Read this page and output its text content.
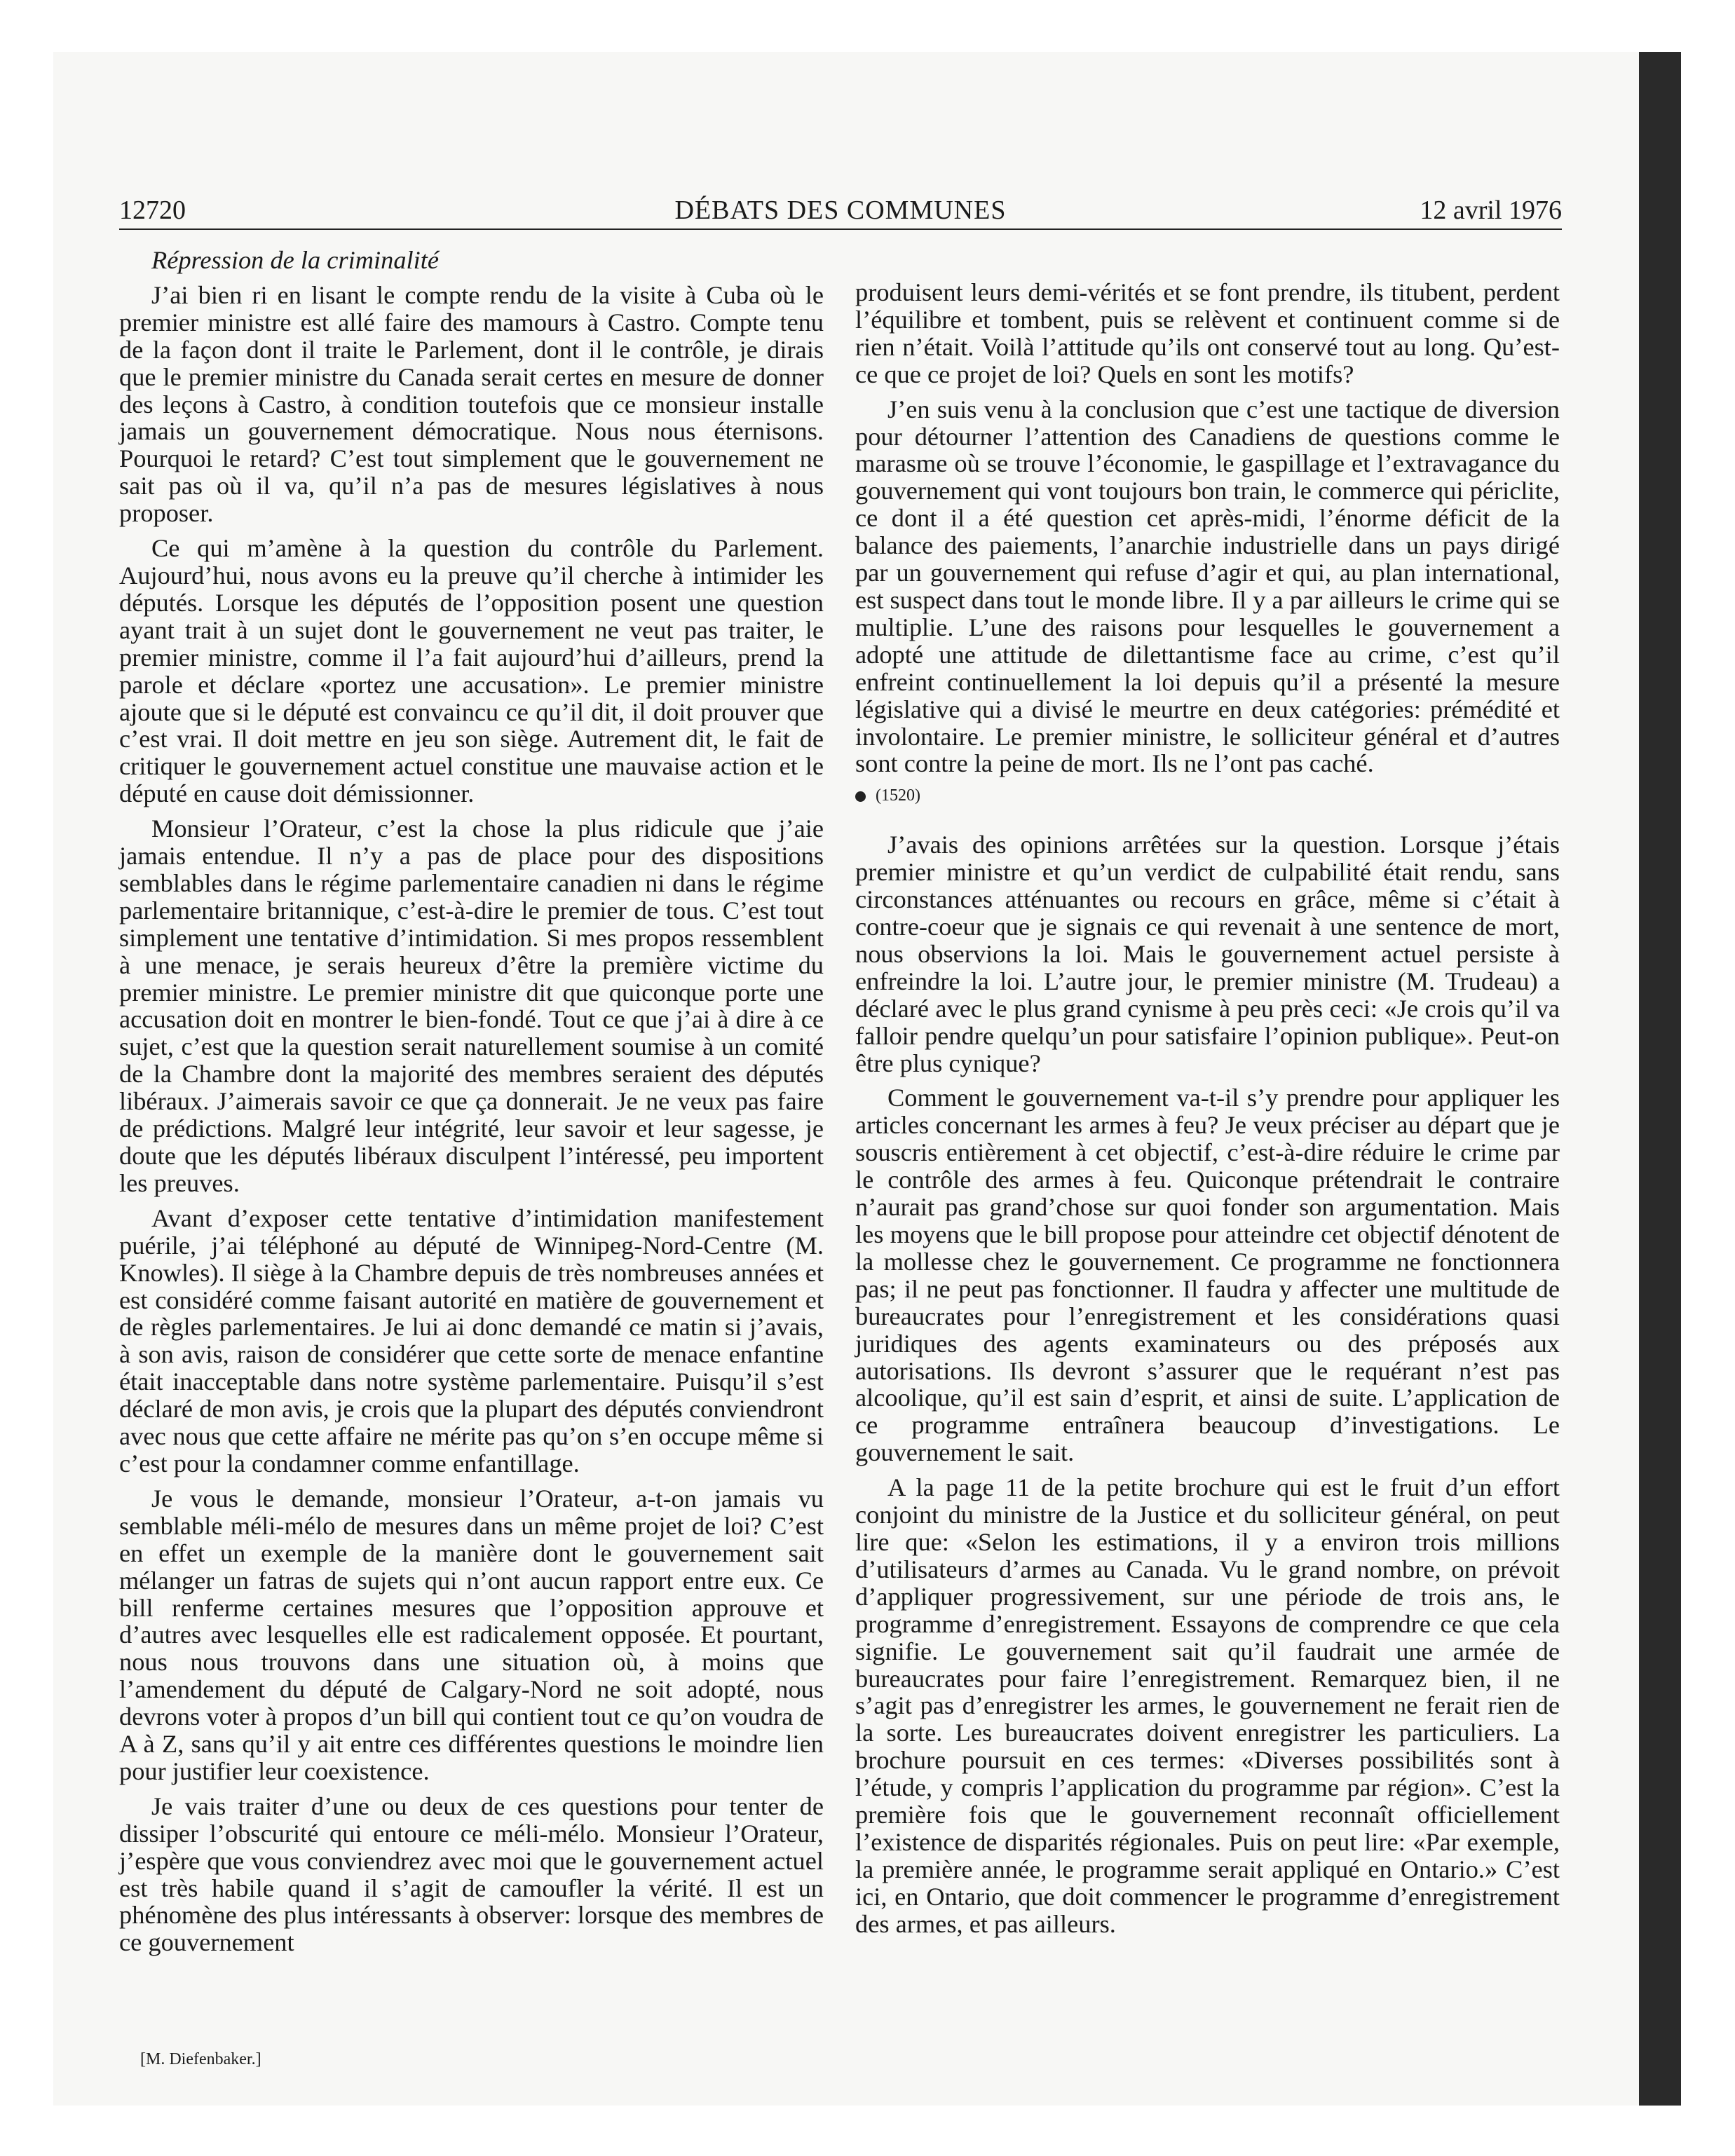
12720	DÉBATS DES COMMUNES	12 avril 1976

Répression de la criminalité

J’ai bien ri en lisant le compte rendu de la visite à Cuba où le premier ministre est allé faire des mamours à Castro. Compte tenu de la façon dont il traite le Parlement, dont il le contrôle, je dirais que le premier ministre du Canada serait certes en mesure de donner des leçons à Castro, à condition toutefois que ce monsieur installe jamais un gouvernement démocratique. Nous nous éternisons. Pourquoi le retard? C’est tout simplement que le gouvernement ne sait pas où il va, qu’il n’a pas de mesures législatives à nous proposer.

Ce qui m’amène à la question du contrôle du Parlement. Aujourd’hui, nous avons eu la preuve qu’il cherche à intimider les députés. Lorsque les députés de l’opposition posent une question ayant trait à un sujet dont le gouvernement ne veut pas traiter, le premier ministre, comme il l’a fait aujourd’hui d’ailleurs, prend la parole et déclare «portez une accusation». Le premier ministre ajoute que si le député est convaincu ce qu’il dit, il doit prouver que c’est vrai. Il doit mettre en jeu son siège. Autrement dit, le fait de critiquer le gouvernement actuel constitue une mauvaise action et le député en cause doit démissionner.

Monsieur l’Orateur, c’est la chose la plus ridicule que j’aie jamais entendue. Il n’y a pas de place pour des dispositions semblables dans le régime parlementaire canadien ni dans le régime parlementaire britannique, c’est-à-dire le premier de tous. C’est tout simplement une tentative d’intimidation. Si mes propos ressemblent à une menace, je serais heureux d’être la première victime du premier ministre. Le premier ministre dit que quiconque porte une accusation doit en montrer le bien-fondé. Tout ce que j’ai à dire à ce sujet, c’est que la question serait naturellement soumise à un comité de la Chambre dont la majorité des membres seraient des députés libéraux. J’aimerais savoir ce que ça donnerait. Je ne veux pas faire de prédictions. Malgré leur intégrité, leur savoir et leur sagesse, je doute que les députés libéraux disculpent l’intéressé, peu importent les preuves.

Avant d’exposer cette tentative d’intimidation manifestement puérile, j’ai téléphoné au député de Winnipeg-Nord-Centre (M. Knowles). Il siège à la Chambre depuis de très nombreuses années et est considéré comme faisant autorité en matière de gouvernement et de règles parlementaires. Je lui ai donc demandé ce matin si j’avais, à son avis, raison de considérer que cette sorte de menace enfantine était inacceptable dans notre système parlementaire. Puisqu’il s’est déclaré de mon avis, je crois que la plupart des députés conviendront avec nous que cette affaire ne mérite pas qu’on s’en occupe même si c’est pour la condamner comme enfantillage.

Je vous le demande, monsieur l’Orateur, a-t-on jamais vu semblable méli-mélo de mesures dans un même projet de loi? C’est en effet un exemple de la manière dont le gouvernement sait mélanger un fatras de sujets qui n’ont aucun rapport entre eux. Ce bill renferme certaines mesures que l’opposition approuve et d’autres avec lesquelles elle est radicalement opposée. Et pourtant, nous nous trouvons dans une situation où, à moins que l’amendement du député de Calgary-Nord ne soit adopté, nous devrons voter à propos d’un bill qui contient tout ce qu’on voudra de A à Z, sans qu’il y ait entre ces différentes questions le moindre lien pour justifier leur coexistence.

Je vais traiter d’une ou deux de ces questions pour tenter de dissiper l’obscurité qui entoure ce méli-mélo. Monsieur l’Orateur, j’espère que vous conviendrez avec moi que le gouvernement actuel est très habile quand il s’agit de camoufler la vérité. Il est un phénomène des plus intéressants à observer: lorsque des membres de ce gouvernement

produisent leurs demi-vérités et se font prendre, ils titubent, perdent l’équilibre et tombent, puis se relèvent et continuent comme si de rien n’était. Voilà l’attitude qu’ils ont conservé tout au long. Qu’est-ce que ce projet de loi? Quels en sont les motifs?

J’en suis venu à la conclusion que c’est une tactique de diversion pour détourner l’attention des Canadiens de questions comme le marasme où se trouve l’économie, le gaspillage et l’extravagance du gouvernement qui vont toujours bon train, le commerce qui périclite, ce dont il a été question cet après-midi, l’énorme déficit de la balance des paiements, l’anarchie industrielle dans un pays dirigé par un gouvernement qui refuse d’agir et qui, au plan international, est suspect dans tout le monde libre. Il y a par ailleurs le crime qui se multiplie. L’une des raisons pour lesquelles le gouvernement a adopté une attitude de dilettantisme face au crime, c’est qu’il enfreint continuellement la loi depuis qu’il a présenté la mesure législative qui a divisé le meurtre en deux catégories: prémédité et involontaire. Le premier ministre, le solliciteur général et d’autres sont contre la peine de mort. Ils ne l’ont pas caché.

(1520)

J’avais des opinions arrêtées sur la question. Lorsque j’étais premier ministre et qu’un verdict de culpabilité était rendu, sans circonstances atténuantes ou recours en grâce, même si c’était à contre-coeur que je signais ce qui revenait à une sentence de mort, nous observions la loi. Mais le gouvernement actuel persiste à enfreindre la loi. L’autre jour, le premier ministre (M. Trudeau) a déclaré avec le plus grand cynisme à peu près ceci: «Je crois qu’il va falloir pendre quelqu’un pour satisfaire l’opinion publique». Peut-on être plus cynique?

Comment le gouvernement va-t-il s’y prendre pour appliquer les articles concernant les armes à feu? Je veux préciser au départ que je souscris entièrement à cet objectif, c’est-à-dire réduire le crime par le contrôle des armes à feu. Quiconque prétendrait le contraire n’aurait pas grand’chose sur quoi fonder son argumentation. Mais les moyens que le bill propose pour atteindre cet objectif dénotent de la mollesse chez le gouvernement. Ce programme ne fonctionnera pas; il ne peut pas fonctionner. Il faudra y affecter une multitude de bureaucrates pour l’enregistrement et les considérations quasi juridiques des agents examinateurs ou des préposés aux autorisations. Ils devront s’assurer que le requérant n’est pas alcoolique, qu’il est sain d’esprit, et ainsi de suite. L’application de ce programme entraînera beaucoup d’investigations. Le gouvernement le sait.

A la page 11 de la petite brochure qui est le fruit d’un effort conjoint du ministre de la Justice et du solliciteur général, on peut lire que: «Selon les estimations, il y a environ trois millions d’utilisateurs d’armes au Canada. Vu le grand nombre, on prévoit d’appliquer progressivement, sur une période de trois ans, le programme d’enregistrement. Essayons de comprendre ce que cela signifie. Le gouvernement sait qu’il faudrait une armée de bureaucrates pour faire l’enregistrement. Remarquez bien, il ne s’agit pas d’enregistrer les armes, le gouvernement ne ferait rien de la sorte. Les bureaucrates doivent enregistrer les particuliers. La brochure poursuit en ces termes: «Diverses possibilités sont à l’étude, y compris l’application du programme par région». C’est la première fois que le gouvernement reconnaît officiellement l’existence de disparités régionales. Puis on peut lire: «Par exemple, la première année, le programme serait appliqué en Ontario.» C’est ici, en Ontario, que doit commencer le programme d’enregistrement des armes, et pas ailleurs.

[M. Diefenbaker.]
